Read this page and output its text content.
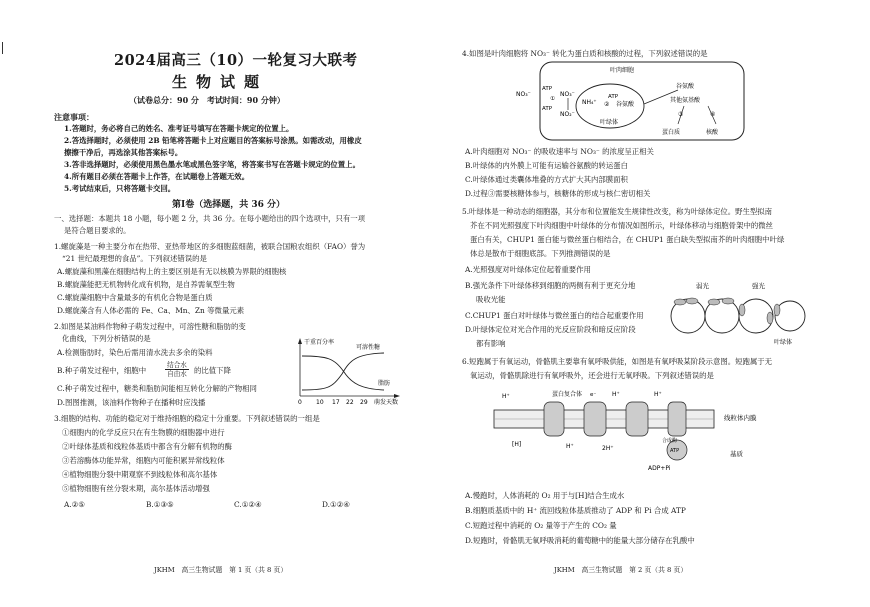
2024届高三（10）一轮复习大联考
生物试题
（试卷总分：90 分　考试时间：90 分钟）
注意事项：
1.答题时，务必将自己的姓名、准考证号填写在答题卡规定的位置上。
2.答选择题时，必须使用 2B 铅笔将答题卡上对应题目的答案标号涂黑。如需改动，用橡皮
擦擦干净后，再选涂其他答案标号。
3.答非选择题时，必须使用黑色墨水笔或黑色签字笔，将答案书写在答题卡规定的位置上。
4.所有题目必须在答题卡上作答，在试题卷上答题无效。
5.考试结束后，只将答题卡交回。
第Ⅰ卷（选择题，共 36 分）
一、选择题：本题共 18 小题，每小题 2 分，共 36 分。在每小题给出的四个选项中，只有一项
是符合题目要求的。
1.螺旋藻是一种主要分布在热带、亚热带地区的多细胞蓝细菌，被联合国粮农组织（FAO）誉为
“21 世纪最理想的食品”。下列叙述错误的是
A.螺旋藻和黑藻在细胞结构上的主要区别是有无以核膜为界限的细胞核
B.螺旋藻能把无机物转化成有机物，是自养需氧型生物
C.螺旋藻细胞中含量最多的有机化合物是蛋白质
D.螺旋藻含有人体必需的 Fe、Ca、Mn、Zn 等微量元素
2.如图是某油料作物种子萌发过程中，可溶性糖和脂肪的变
化曲线，下列分析错误的是
A.检测脂肪时，染色后需用清水洗去多余的染料
B.种子萌发过程中，细胞中
结合水
自由水 的比值下降
C.种子萌发过程中，糖类和脂肪间能相互转化分解的产物相同
D.图图推测，该油料作物种子在播种时应浅播
干重百分率
可溶性糖
脂肪
0 10 17 22 29 萌发天数
3.细胞的结构、功能的稳定对于维持细胞的稳定十分重要。下列叙述错误的一组是
①细胞内的化学反应只在有生物膜的细胞器中进行
②叶绿体基质和线粒体基质中都含有分解有机物的酶
③若溶酶体功能异常，细胞内可能积累异常线粒体
④植物细胞分裂中期观察不到线粒体和高尔基体
⑤植物细胞有丝分裂末期，高尔基体活动增强
A.②⑤	B.①③⑤	C.①②④	D.①②④
JKHM　高三生物试题　第 1 页（共 8 页）
4.如图是叶肉细胞将 NO₃⁻ 转化为蛋白质和核酸的过程，下列叙述错误的是
叶肉细胞
叶绿体
NO₃⁻
ATP
①
NO₃⁻
ATP
NO₂⁻
NH₄⁺
ATP
② 谷氨酸
谷氨酸
其他氨基酸
③	④
蛋白质	核酸
A.叶肉细胞对 NO₃⁻ 的吸收速率与 NO₃⁻ 的浓度呈正相关
B.叶绿体的内外膜上可能有运输谷氨酸的转运蛋白
C.叶绿体通过类囊体堆叠的方式扩大其内部膜面积
D.过程③需要核糖体参与，核糖体的形成与核仁密切相关
5.叶绿体是一种动态的细胞器，其分布和位置能发生规律性改变，称为叶绿体定位。野生型拟南
芥在不同光照强度下叶肉细胞中叶绿体的分布情况如图所示，叶绿体移动与细胞骨架中的微丝
蛋白有关，CHUP1 蛋白能与微丝蛋白相结合，在 CHUP1 蛋白缺失型拟南芥的叶肉细胞中叶绿
体总是散布于细胞底部。下列推测错误的是
A.光照强度对叶绿体定位起着重要作用
B.强光条件下叶绿体移到细胞的两侧有利于更充分地
吸收光能
C.CHUP1 蛋白对叶绿体与微丝蛋白的结合起重要作用
D.叶绿体定位对光合作用的光反应阶段和暗反应阶段
都有影响
弱光	强光
叶绿体
6.短跑属于有氧运动，骨骼肌主要靠有氧呼吸供能，如图是有氧呼吸某阶段示意图。短跑属于无
氧运动，骨骼肌除进行有氧呼吸外，还会进行无氧呼吸。下列叙述错误的是
蛋白复合体
H⁺	H⁺	H⁺
[H]	H⁺	2H⁺
e⁻
ADP+Pi
ATP
合成酶
线粒体内膜
基质
A.慢跑时，人体消耗的 O₂ 用于与[H]结合生成水
B.细胞质基质中的 H⁺ 流回线粒体基质推动了 ADP 和 Pi 合成 ATP
C.短跑过程中消耗的 O₂ 量等于产生的 CO₂ 量
D.短跑时，骨骼肌无氧呼吸消耗的葡萄糖中的能量大部分储存在乳酸中
JKHM　高三生物试题　第 2 页（共 8 页）
